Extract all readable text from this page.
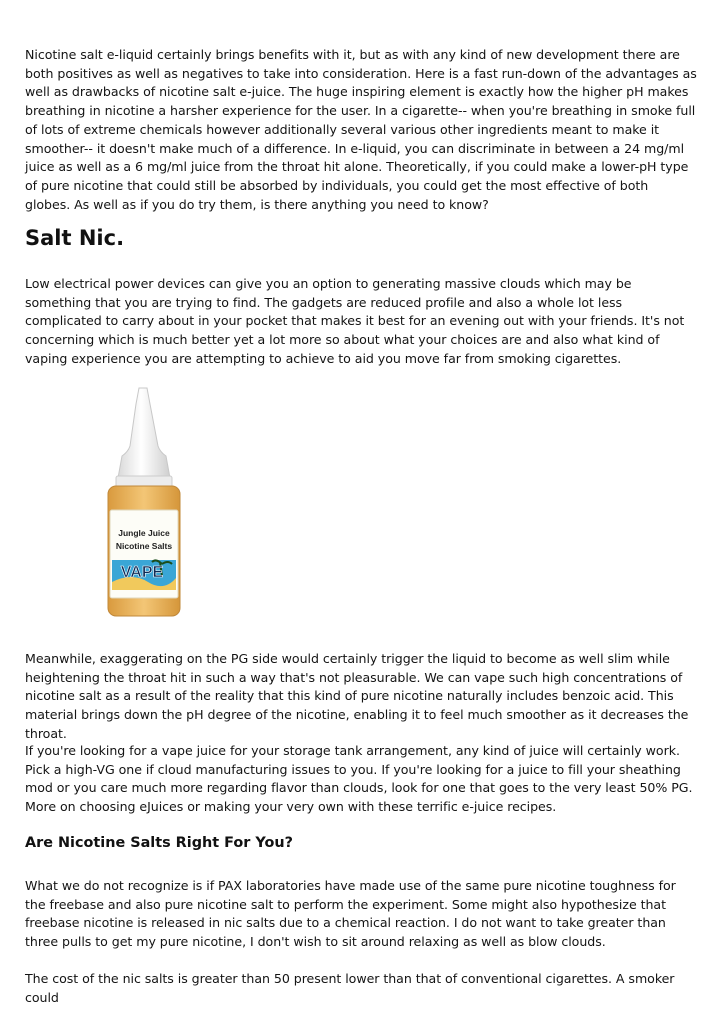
Nicotine salt e-liquid certainly brings benefits with it, but as with any kind of new development there are both positives as well as negatives to take into consideration. Here is a fast run-down of the advantages as well as drawbacks of nicotine salt e-juice. The huge inspiring element is exactly how the higher pH makes breathing in nicotine a harsher experience for the user. In a cigarette-- when you're breathing in smoke full of lots of extreme chemicals however additionally several various other ingredients meant to make it smoother-- it doesn't make much of a difference. In e-liquid, you can discriminate in between a 24 mg/ml juice as well as a 6 mg/ml juice from the throat hit alone. Theoretically, if you could make a lower-pH type of pure nicotine that could still be absorbed by individuals, you could get the most effective of both globes. As well as if you do try them, is there anything you need to know?

Salt Nic.

Low electrical power devices can give you an option to generating massive clouds which may be something that you are trying to find. The gadgets are reduced profile and also a whole lot less complicated to carry about in your pocket that makes it best for an evening out with your friends. It's not concerning which is much better yet a lot more so about what your choices are and also what kind of vaping experience you are attempting to achieve to aid you move far from smoking cigarettes.

Jungle Juice
Nicotine Salts
VAPE

Meanwhile, exaggerating on the PG side would certainly trigger the liquid to become as well slim while heightening the throat hit in such a way that's not pleasurable. We can vape such high concentrations of nicotine salt as a result of the reality that this kind of pure nicotine naturally includes benzoic acid. This material brings down the pH degree of the nicotine, enabling it to feel much smoother as it decreases the throat.

If you're looking for a vape juice for your storage tank arrangement, any kind of juice will certainly work. Pick a high-VG one if cloud manufacturing issues to you. If you're looking for a juice to fill your sheathing mod or you care much more regarding flavor than clouds, look for one that goes to the very least 50% PG. More on choosing eJuices or making your very own with these terrific e-juice recipes.

Are Nicotine Salts Right For You?

What we do not recognize is if PAX laboratories have made use of the same pure nicotine toughness for the freebase and also pure nicotine salt to perform the experiment. Some might also hypothesize that freebase nicotine is released in nic salts due to a chemical reaction. I do not want to take greater than three pulls to get my pure nicotine, I don't wish to sit around relaxing as well as blow clouds.

The cost of the nic salts is greater than 50 present lower than that of conventional cigarettes. A smoker could
